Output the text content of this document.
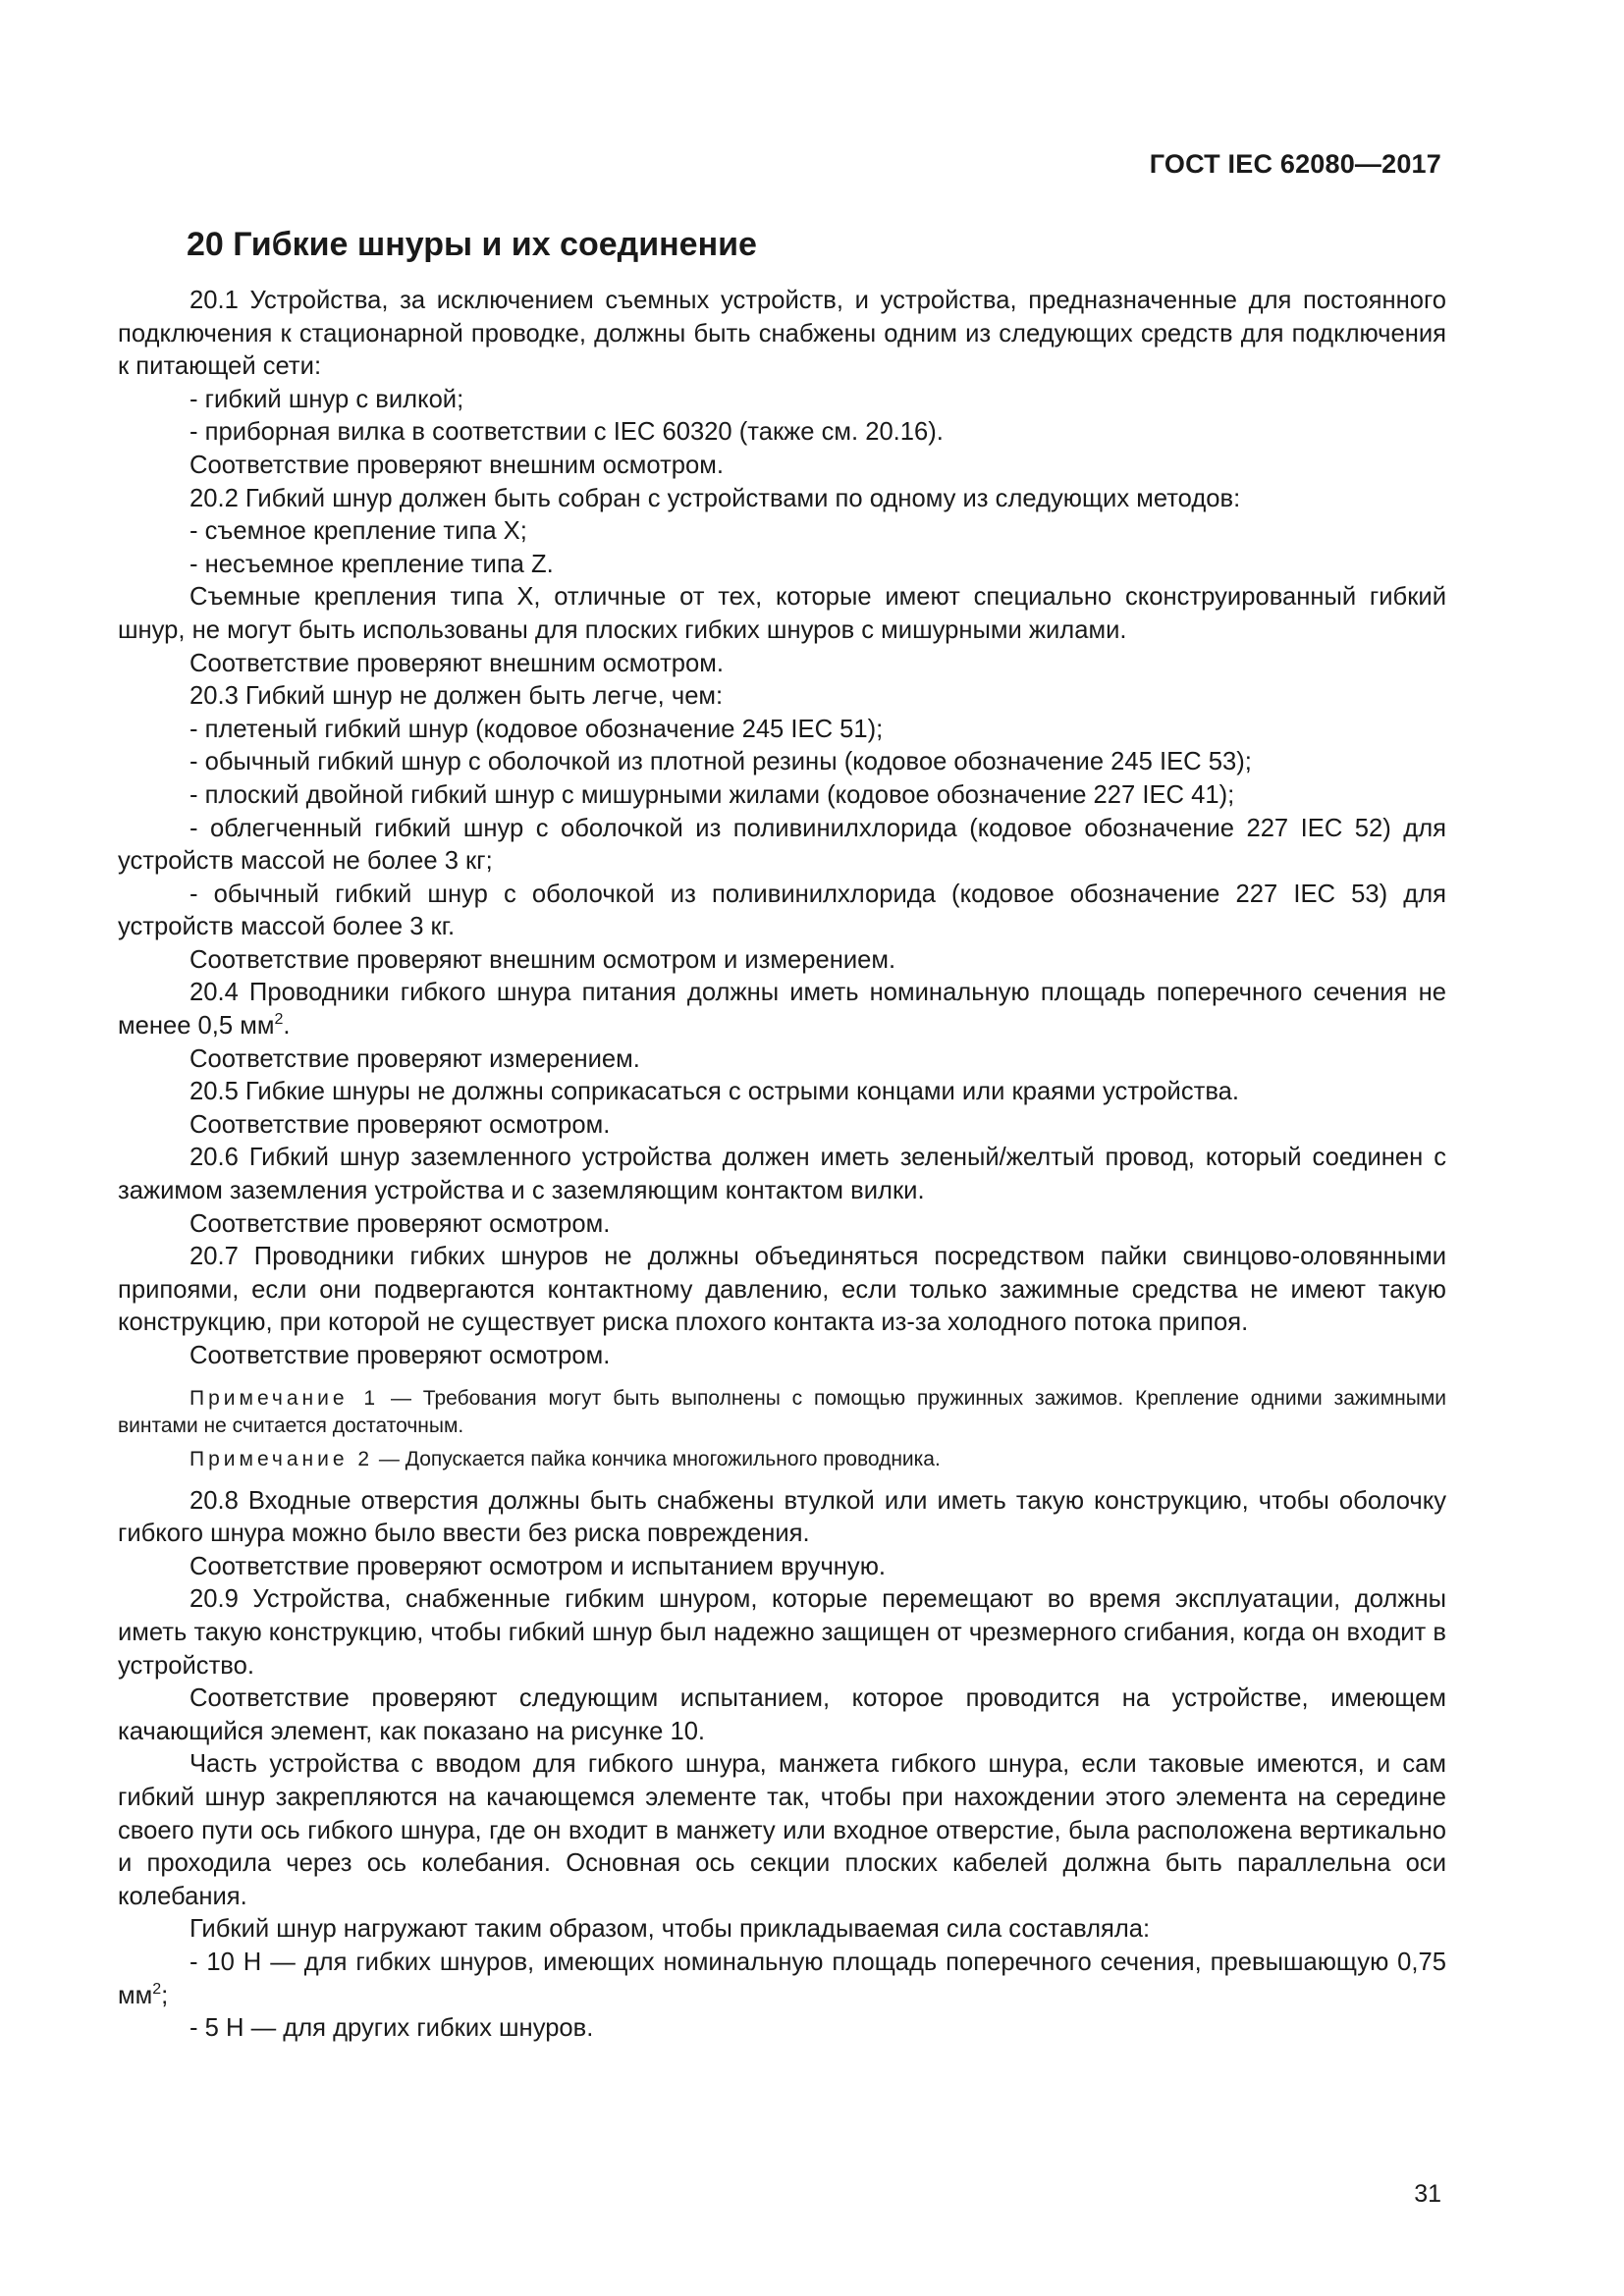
ГОСТ IEC 62080—2017
20 Гибкие шнуры и их соединение

20.1 Устройства, за исключением съемных устройств, и устройства, предназначенные для постоянного подключения к стационарной проводке, должны быть снабжены одним из следующих средств для подключения к питающей сети:

- гибкий шнур с вилкой;

- приборная вилка в соответствии с IEC 60320 (также см. 20.16).

Соответствие проверяют внешним осмотром.

20.2 Гибкий шнур должен быть собран с устройствами по одному из следующих методов:

- съемное крепление типа X;

- несъемное крепление типа Z.

Съемные крепления типа X, отличные от тех, которые имеют специально сконструированный гибкий шнур, не могут быть использованы для плоских гибких шнуров с мишурными жилами.

Соответствие проверяют внешним осмотром.

20.3 Гибкий шнур не должен быть легче, чем:

- плетеный гибкий шнур (кодовое обозначение 245 IEC 51);

- обычный гибкий шнур с оболочкой из плотной резины (кодовое обозначение 245 IEC 53);

- плоский двойной гибкий шнур с мишурными жилами (кодовое обозначение 227 IEC 41);

- облегченный гибкий шнур с оболочкой из поливинилхлорида (кодовое обозначение 227 IEC 52) для устройств массой не более 3 кг;

- обычный гибкий шнур с оболочкой из поливинилхлорида (кодовое обозначение 227 IEC 53) для устройств массой более 3 кг.

Соответствие проверяют внешним осмотром и измерением.

20.4 Проводники гибкого шнура питания должны иметь номинальную площадь поперечного сечения не менее 0,5 $мм^2$.

Соответствие проверяют измерением.

20.5 Гибкие шнуры не должны соприкасаться с острыми концами или краями устройства.

Соответствие проверяют осмотром.

20.6 Гибкий шнур заземленного устройства должен иметь зеленый/желтый провод, который соединен с зажимом заземления устройства и с заземляющим контактом вилки.

Соответствие проверяют осмотром.

20.7 Проводники гибких шнуров не должны объединяться посредством пайки свинцово-оловянными припоями, если они подвергаются контактному давлению, если только зажимные средства не имеют такую конструкцию, при которой не существует риска плохого контакта из-за холодного потока припоя.

Соответствие проверяют осмотром.

Примечание 1 — Требования могут быть выполнены с помощью пружинных зажимов. Крепление одними зажимными винтами не считается достаточным.

Примечание 2 — Допускается пайка кончика многожильного проводника.

20.8 Входные отверстия должны быть снабжены втулкой или иметь такую конструкцию, чтобы оболочку гибкого шнура можно было ввести без риска повреждения.

Соответствие проверяют осмотром и испытанием вручную.

20.9 Устройства, снабженные гибким шнуром, которые перемещают во время эксплуатации, должны иметь такую конструкцию, чтобы гибкий шнур был надежно защищен от чрезмерного сгибания, когда он входит в устройство.

Соответствие проверяют следующим испытанием, которое проводится на устройстве, имеющем качающийся элемент, как показано на рисунке 10.

Часть устройства с вводом для гибкого шнура, манжета гибкого шнура, если таковые имеются, и сам гибкий шнур закрепляются на качающемся элементе так, чтобы при нахождении этого элемента на середине своего пути ось гибкого шнура, где он входит в манжету или входное отверстие, была расположена вертикально и проходила через ось колебания. Основная ось секции плоских кабелей должна быть параллельна оси колебания.

Гибкий шнур нагружают таким образом, чтобы прикладываемая сила составляла:

- 10 Н — для гибких шнуров, имеющих номинальную площадь поперечного сечения, превышающую 0,75 $мм^2$;

- 5 Н — для других гибких шнуров.

31
